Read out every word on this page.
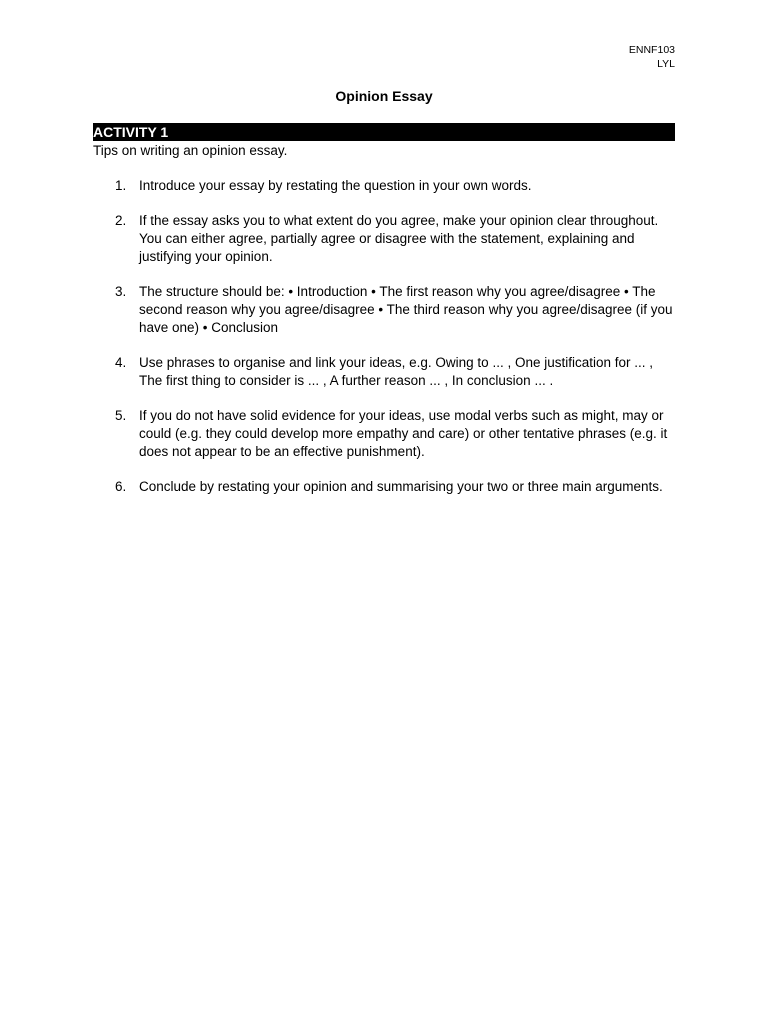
ENNF103
LYL
Opinion Essay
ACTIVITY 1
Tips on writing an opinion essay.
1. Introduce your essay by restating the question in your own words.
2. If the essay asks you to what extent do you agree, make your opinion clear throughout. You can either agree, partially agree or disagree with the statement, explaining and justifying your opinion.
3. The structure should be: • Introduction • The first reason why you agree/disagree • The second reason why you agree/disagree • The third reason why you agree/disagree (if you have one) • Conclusion
4. Use phrases to organise and link your ideas, e.g. Owing to ... , One justification for ... , The first thing to consider is ... , A further reason ... , In conclusion ... .
5. If you do not have solid evidence for your ideas, use modal verbs such as might, may or could (e.g. they could develop more empathy and care) or other tentative phrases (e.g. it does not appear to be an effective punishment).
6. Conclude by restating your opinion and summarising your two or three main arguments.
